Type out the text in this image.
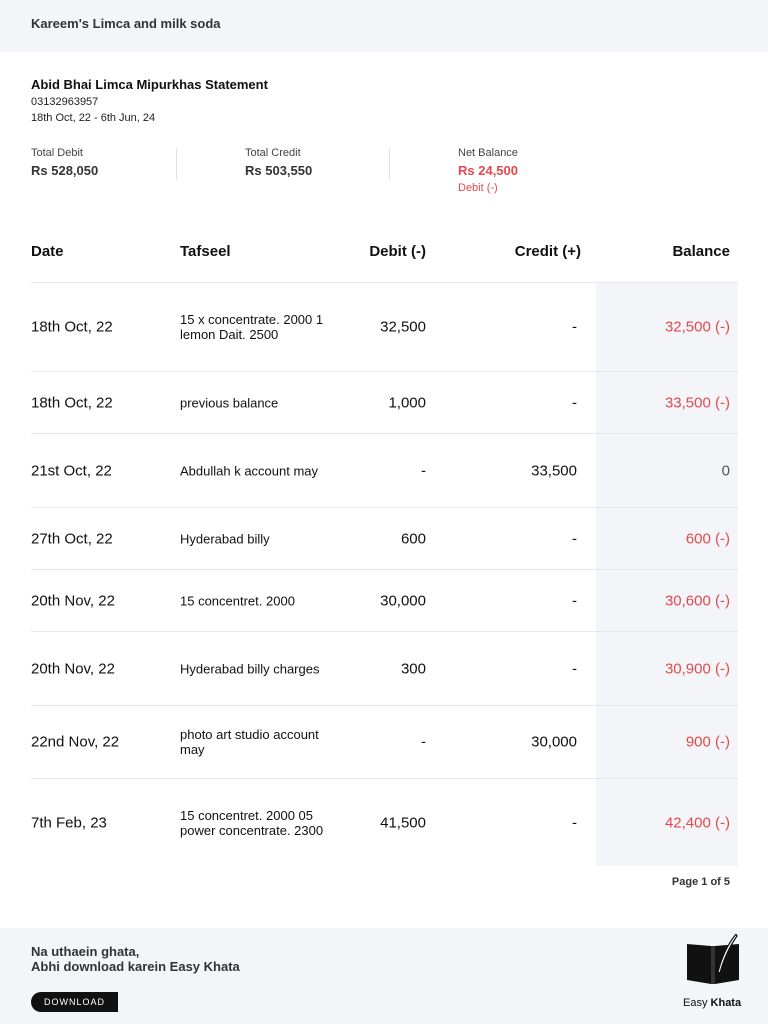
Kareem's Limca and milk soda
Abid Bhai Limca Mipurkhas Statement
03132963957
18th Oct, 22 - 6th Jun, 24
Total Debit
Rs 528,050
Total Credit
Rs 503,550
Net Balance
Rs 24,500
Debit (-)
Date	Tafseel	Debit (-)	Credit (+)	Balance
18th Oct, 22	15 x concentrate. 2000 1 lemon Dait. 2500	32,500	-	32,500 (-)
18th Oct, 22	previous balance	1,000	-	33,500 (-)
21st Oct, 22	Abdullah k account may	-	33,500	0
27th Oct, 22	Hyderabad billy	600	-	600 (-)
20th Nov, 22	15 concentret. 2000	30,000	-	30,600 (-)
20th Nov, 22	Hyderabad billy charges	300	-	30,900 (-)
22nd Nov, 22	photo art studio account may	-	30,000	900 (-)
7th Feb, 23	15 concentret. 2000 05 power concentrate. 2300	41,500	-	42,400 (-)
Page 1 of 5
Na uthaein ghata,
Abhi download karein Easy Khata
DOWNLOAD	Easy Khata
